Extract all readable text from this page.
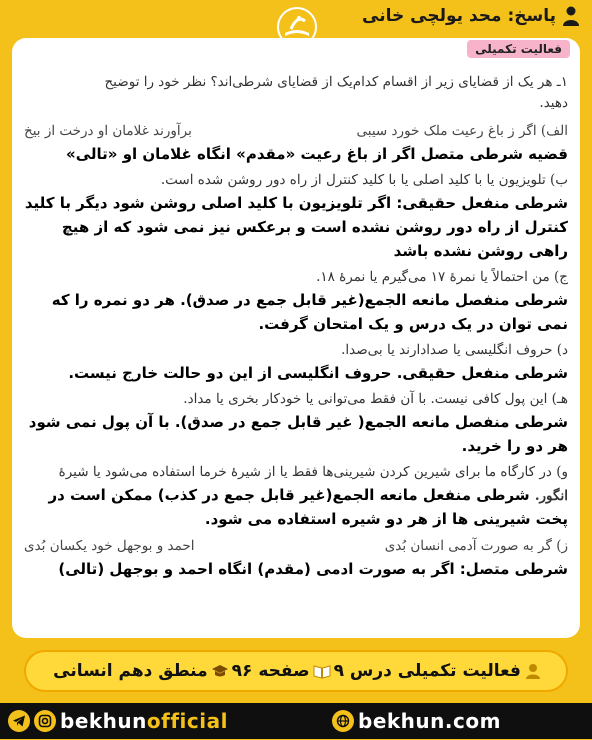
پاسخ: محد یولچی خانی
فعالیت تکمیلی

۱ـ هر یک از قضایای زیر از اقسام کدام‌یک از قضایای شرطی‌اند؟ نظر خود را توضیح

دهید.

الف) اگر ز باغ رعیت ملک خورد سیبی
برآورند غلامان او درخت از بیخ

قضیه شرطی متصل اگر از باغ رعیت «مقدم» انگاه غلامان او «تالی»

ب) تلویزیون یا با کلید اصلی یا با کلید کنترل از راه دور روشن شده است.

شرطی منفعل حقیقی: اگر تلویزیون با کلید اصلی روشن شود دیگر با کلید کنترل از راه دور روشن نشده است و برعکس نیز نمی شود که از هیچ راهی روشن نشده باشد

ج) من احتمالاً یا نمرهٔ ۱۷ می‌گیرم یا نمرهٔ ۱۸.

شرطی منفصل مانعه الجمع(غیر قابل جمع در صدق). هر دو نمره را که نمی توان در یک درس و یک امتحان گرفت.

د) حروف انگلیسی یا صدادارند یا بی‌صدا.

شرطی منفعل حقیقی. حروف انگلیسی از این دو حالت خارج نیست.

هـ) این پول کافی نیست. با آن فقط می‌توانی یا خودکار بخری یا مداد.

شرطی منفصل مانعه الجمع( غیر قابل جمع در صدق). با آن پول نمی شود هر دو را خرید.

و) در کارگاه ما برای شیرین کردن شیرینی‌ها فقط یا از شیرهٔ خرما استفاده می‌شود یا شیرهٔ

انگور. شرطی منفعل مانعه الجمع(غیر قابل جمع در کذب) ممکن است در پخت شیرینی ها از هر دو شیره استفاده می شود.

ز) گر به صورت آدمی انسان بُدی
احمد و بوجهل خود یکسان بُدی

شرطی متصل: اگر به صورت ادمی (مقدم) انگاه احمد و بوجهل (تالی)

فعالیت تکمیلی درس ۹
صفحه ۹۶
منطق دهم انسانی
bekhunofficial	bekhun.com
